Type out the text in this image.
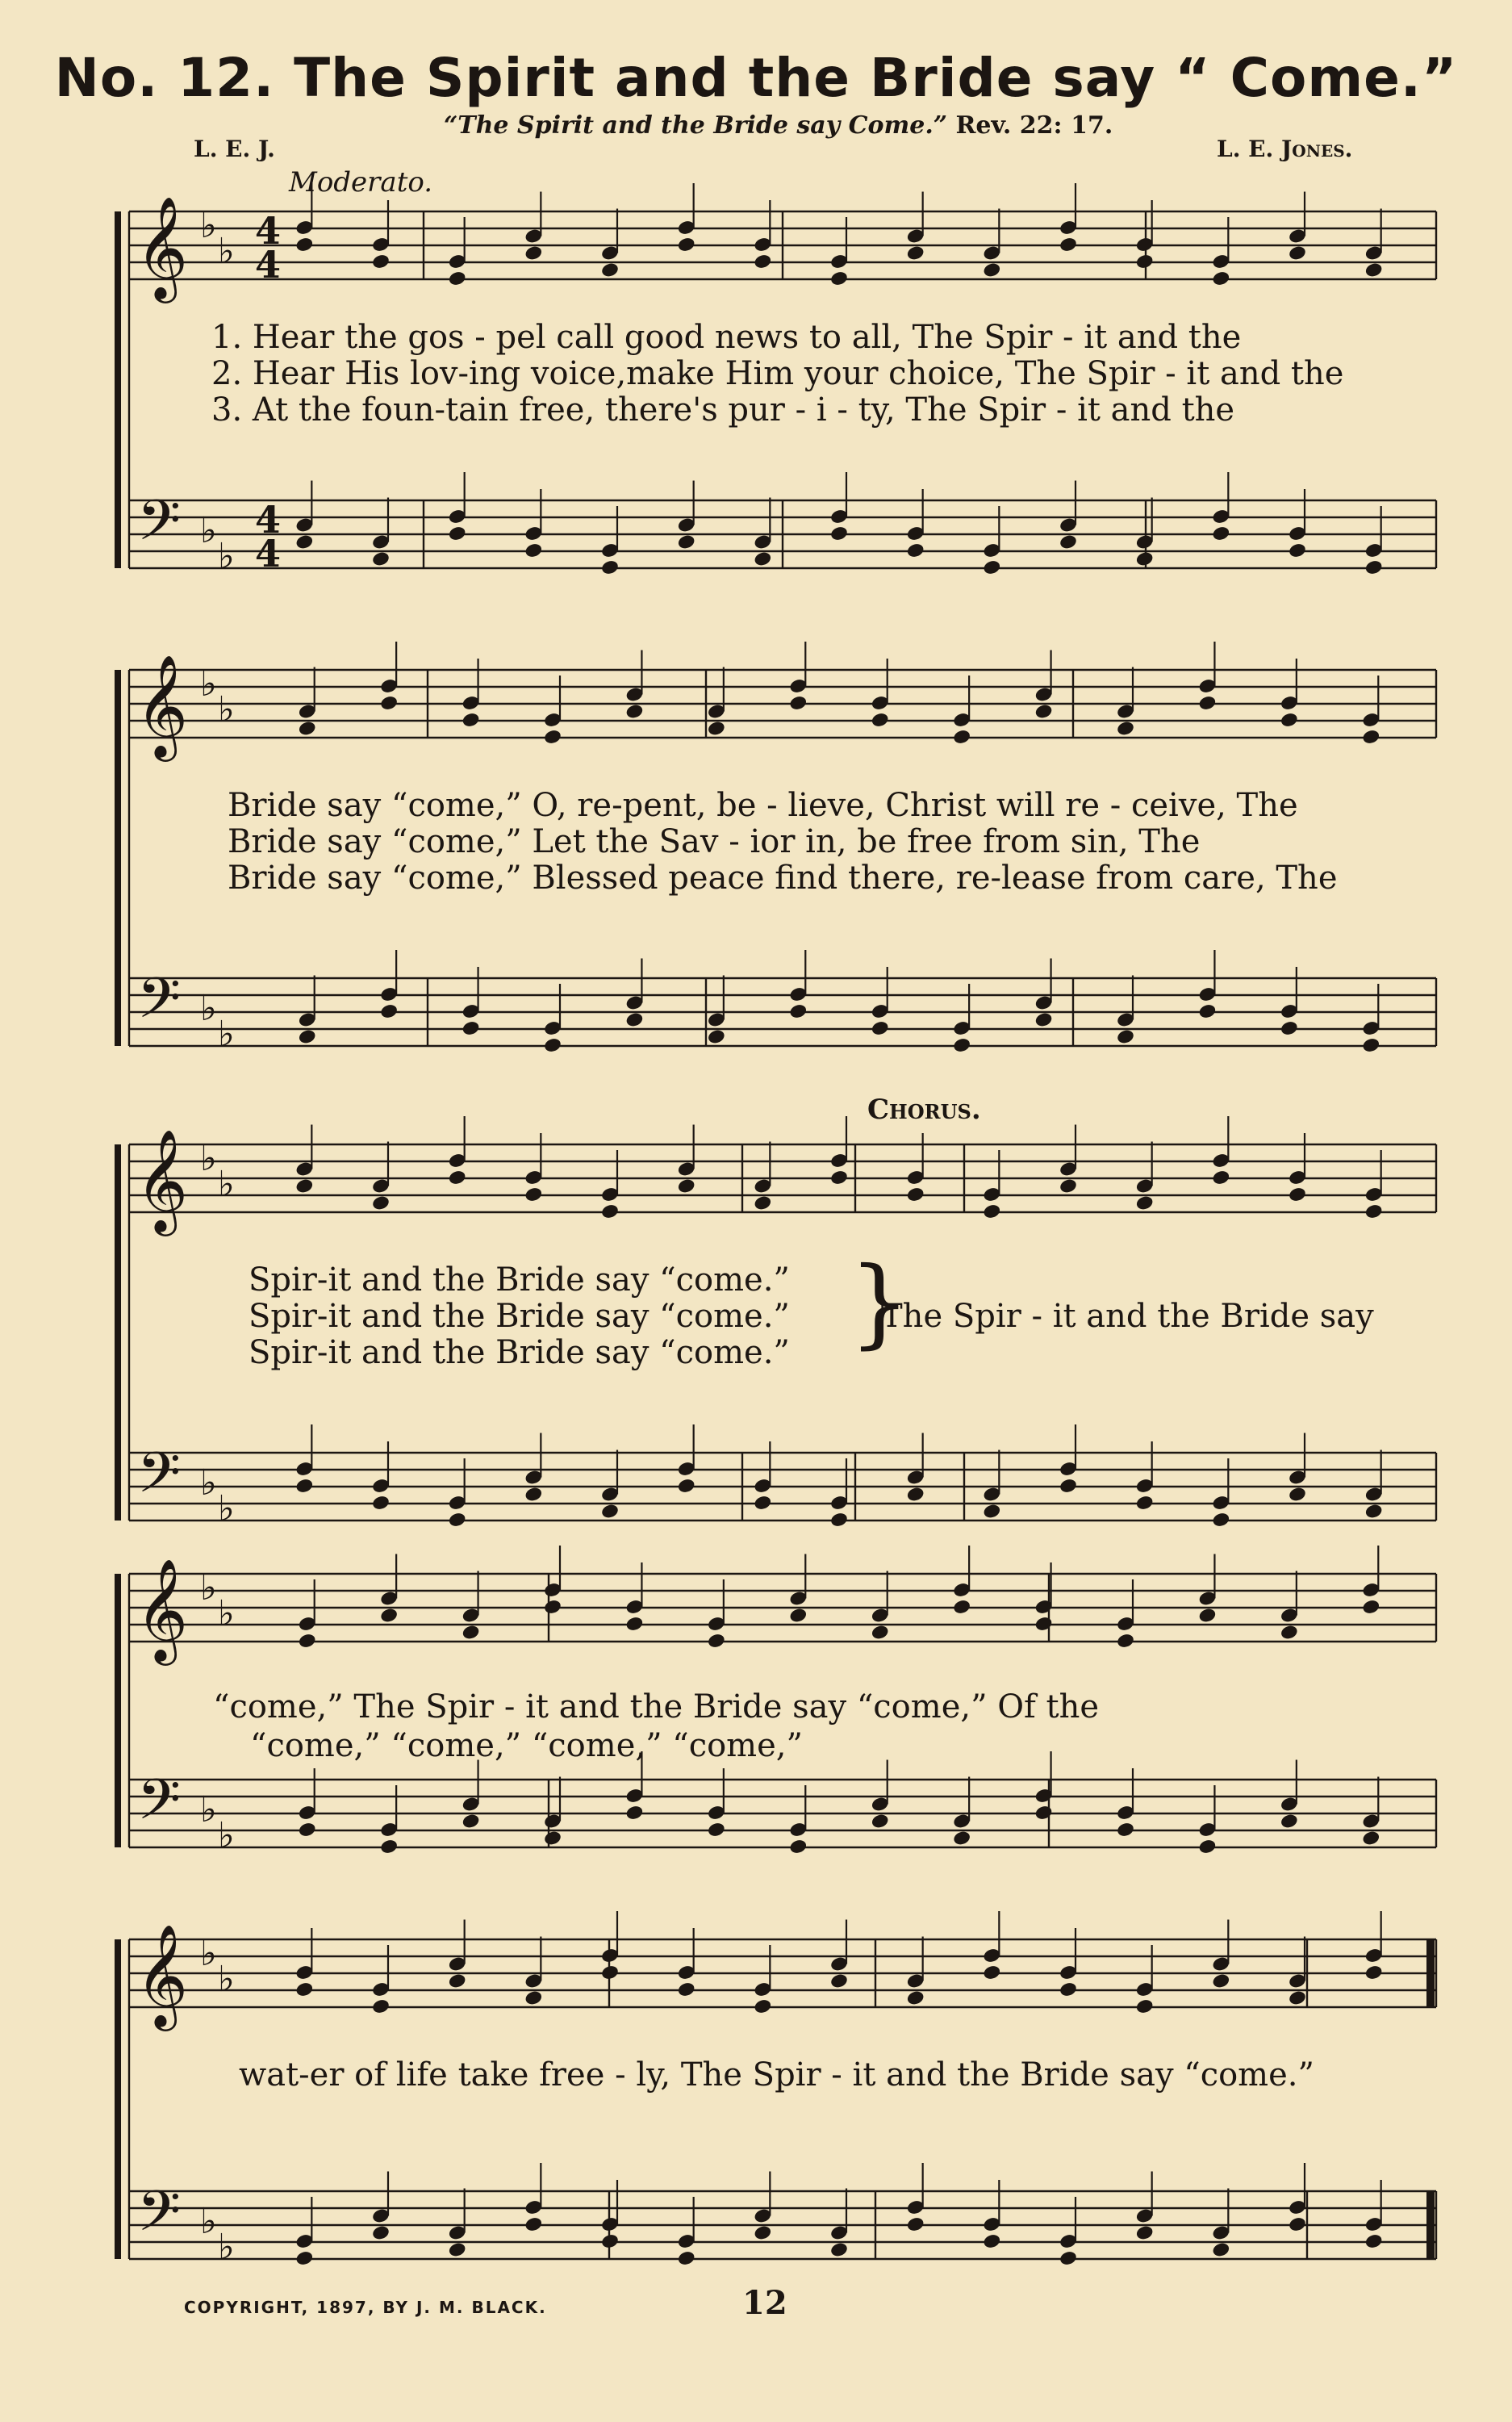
No. 12. The Spirit and the Bride say “ Come.”
“The Spirit and the Bride say Come.” Rev. 22: 17.
L. E. J.	L. E. Jones.
Moderato.
Chorus.
𝄞
𝄢
♭
♭
♭
♭
𝄞
𝄢
♭
♭
♭
♭
𝄞
𝄢
♭
♭
♭
♭
𝄞
𝄢
♭
♭
♭
♭
𝄞
𝄢
♭
♭
♭
♭
4
4
4
4
1. Hear the gos - pel call good news to all, The Spir - it and the
2. Hear His lov-ing voice,make Him your choice, The Spir - it and the
3. At the foun-tain free, there's pur - i - ty, The Spir - it and the
Bride say “come,” O, re-pent, be - lieve, Christ will re - ceive, The
Bride say “come,” Let the Sav - ior in, be free from sin, The
Bride say “come,” Blessed peace find there, re-lease from care, The
Spir-it and the Bride say “come.”
Spir-it and the Bride say “come.”
Spir-it and the Bride say “come.” }
The Spir - it and the Bride say
“come,” The Spir - it and the Bride say “come,” Of the
“come,” “come,” “come,” “come,”
wat-er of life take free - ly, The Spir - it and the Bride say “come.”
COPYRIGHT, 1897, BY J. M. BLACK.	12
